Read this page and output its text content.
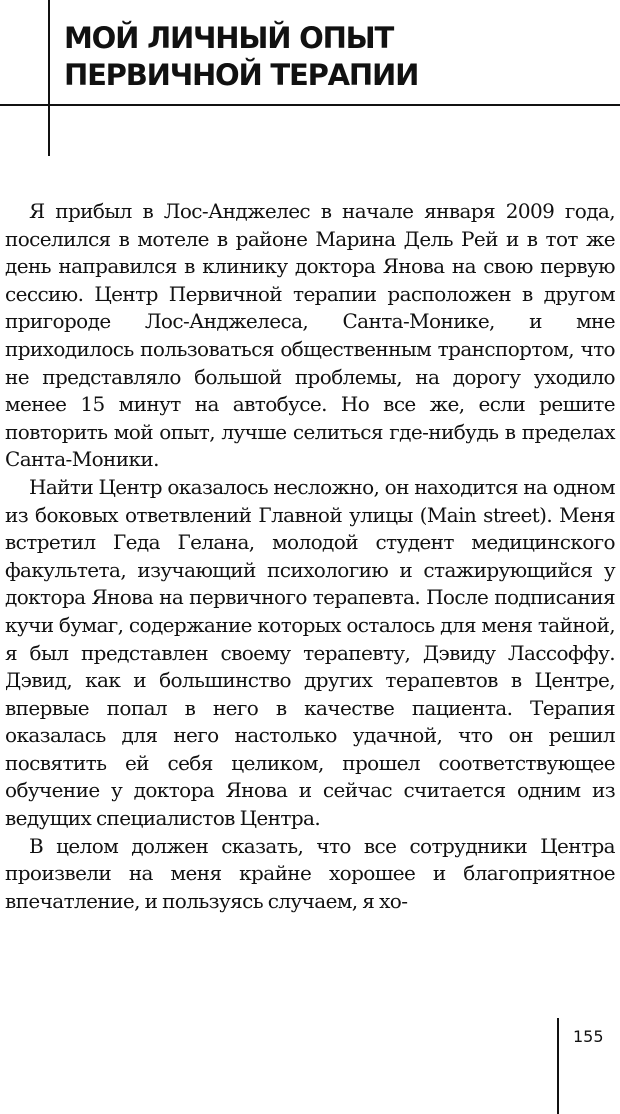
МОЙ ЛИЧНЫЙ ОПЫТ
ПЕРВИЧНОЙ ТЕРАПИИ

Я прибыл в Лос-Анджелес в начале января 2009 года, поселился в мотеле в районе Марина Дель Рей и в тот же день направился в клинику доктора Янова на свою первую сессию. Центр Первичной терапии расположен в другом пригороде Лос-Анджелеса, Санта-Монике, и мне приходилось пользоваться общественным транспортом, что не представляло большой проблемы, на дорогу уходило менее 15 минут на автобусе. Но все же, если решите повторить мой опыт, лучше селиться где-нибудь в пределах Санта-Моники.

Найти Центр оказалось несложно, он находится на одном из боковых ответвлений Главной улицы (Main street). Меня встретил Геда Гелана, молодой студент медицинского факультета, изучающий психологию и стажирующийся у доктора Янова на первичного терапевта. После подписания кучи бумаг, содержание которых осталось для меня тайной, я был представлен своему терапевту, Дэвиду Лассоффу. Дэвид, как и большинство других терапевтов в Центре, впервые попал в него в качестве пациента. Терапия оказалась для него настолько удачной, что он решил посвятить ей себя целиком, прошел соответствующее обучение у доктора Янова и сейчас считается одним из ведущих специалистов Центра.

В целом должен сказать, что все сотрудники Центра произвели на меня крайне хорошее и благоприятное впечатление, и пользуясь случаем, я хо-

155
